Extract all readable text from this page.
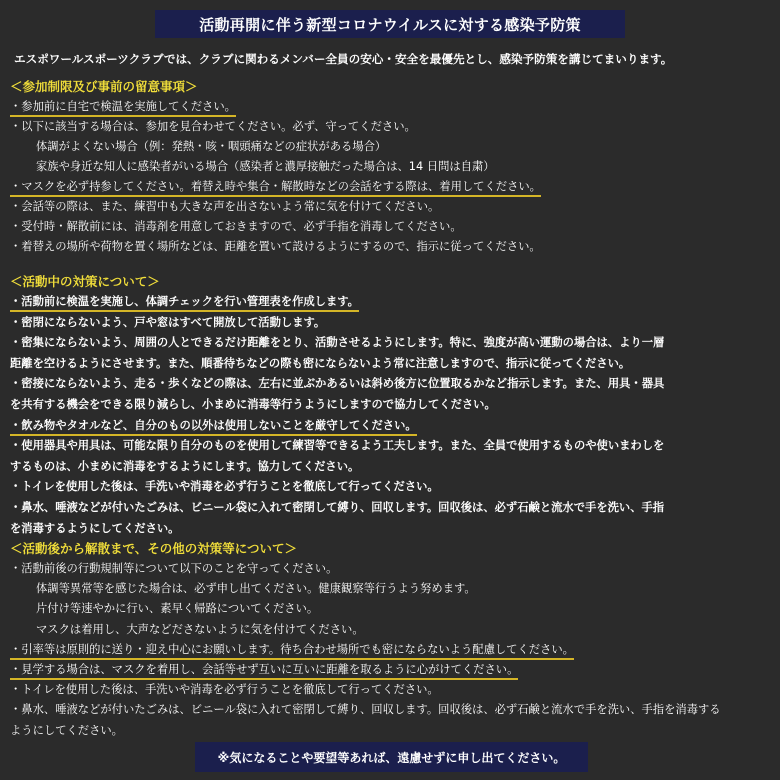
活動再開に伴う新型コロナウイルスに対する感染予防策
エスポワールスポーツクラブでは、クラブに関わるメンバー全員の安心・安全を最優先とし、感染予防策を講じてまいります。
＜参加制限及び事前の留意事項＞
・参加前に自宅で検温を実施してください。
・以下に該当する場合は、参加を見合わせてください。必ず、守ってください。
体調がよくない場合（例：発熱・咳・咽頭痛などの症状がある場合）
家族や身近な知人に感染者がいる場合（感染者と濃厚接触だった場合は、14 日問は自粛）
・マスクを必ず持参してください。着替え時や集合・解散時などの会話をする際は、着用してください。
・会話等の際は、また、練習中も大きな声を出さないよう常に気を付けてください。
・受付時・解散前には、消毒剤を用意しておきますので、必ず手指を消毒してください。
・着替えの場所や荷物を置く場所などは、距離を置いて設けるようにするので、指示に従ってください。
＜活動中の対策について＞
・活動前に検温を実施し、体調チェックを行い管理表を作成します。
・密閉にならないよう、戸や窓はすべて開放して活動します。
・密集にならないよう、周囲の人とできるだけ距離をとり、活動させるようにします。特に、強度が高い運動の場合は、より一層
距離を空けるようにさせます。また、順番待ちなどの際も密にならないよう常に注意しますので、指示に従ってください。
・密接にならないよう、走る・歩くなどの際は、左右に並ぶかあるいは斜め後方に位置取るかなど指示します。また、用具・器具
を共有する機会をできる限り減らし、小まめに消毒等行うようにしますので協力してください。
・飲み物やタオルなど、自分のもの以外は使用しないことを厳守してください。
・使用器具や用具は、可能な限り自分のものを使用して練習等できるよう工夫します。また、全員で使用するものや使いまわしを
するものは、小まめに消毒をするようにします。協力してください。
・トイレを使用した後は、手洗いや消毒を必ず行うことを徹底して行ってください。
・鼻水、唾液などが付いたごみは、ビニール袋に入れて密閉して縛り、回収します。回収後は、必ず石鹸と流水で手を洗い、手指
を消毒するようにしてください。
＜活動後から解散まで、その他の対策等について＞
・活動前後の行動規制等について以下のことを守ってください。
体調等異常等を感じた場合は、必ず申し出てください。健康観察等行うよう努めます。
片付け等速やかに行い、素早く帰路についてください。
マスクは着用し、大声などださないように気を付けてください。
・引率等は原則的に送り・迎え中心にお願いします。待ち合わせ場所でも密にならないよう配慮してください。
・見学する場合は、マスクを着用し、会話等せず互いに互いに距離を取るように心がけてください。
・トイレを使用した後は、手洗いや消毒を必ず行うことを徹底して行ってください。
・鼻水、唾液などが付いたごみは、ビニール袋に入れて密閉して縛り、回収します。回収後は、必ず石鹸と流水で手を洗い、手指を消毒する
ようにしてください。
※気になることや要望等あれば、遠慮せずに申し出てください。
